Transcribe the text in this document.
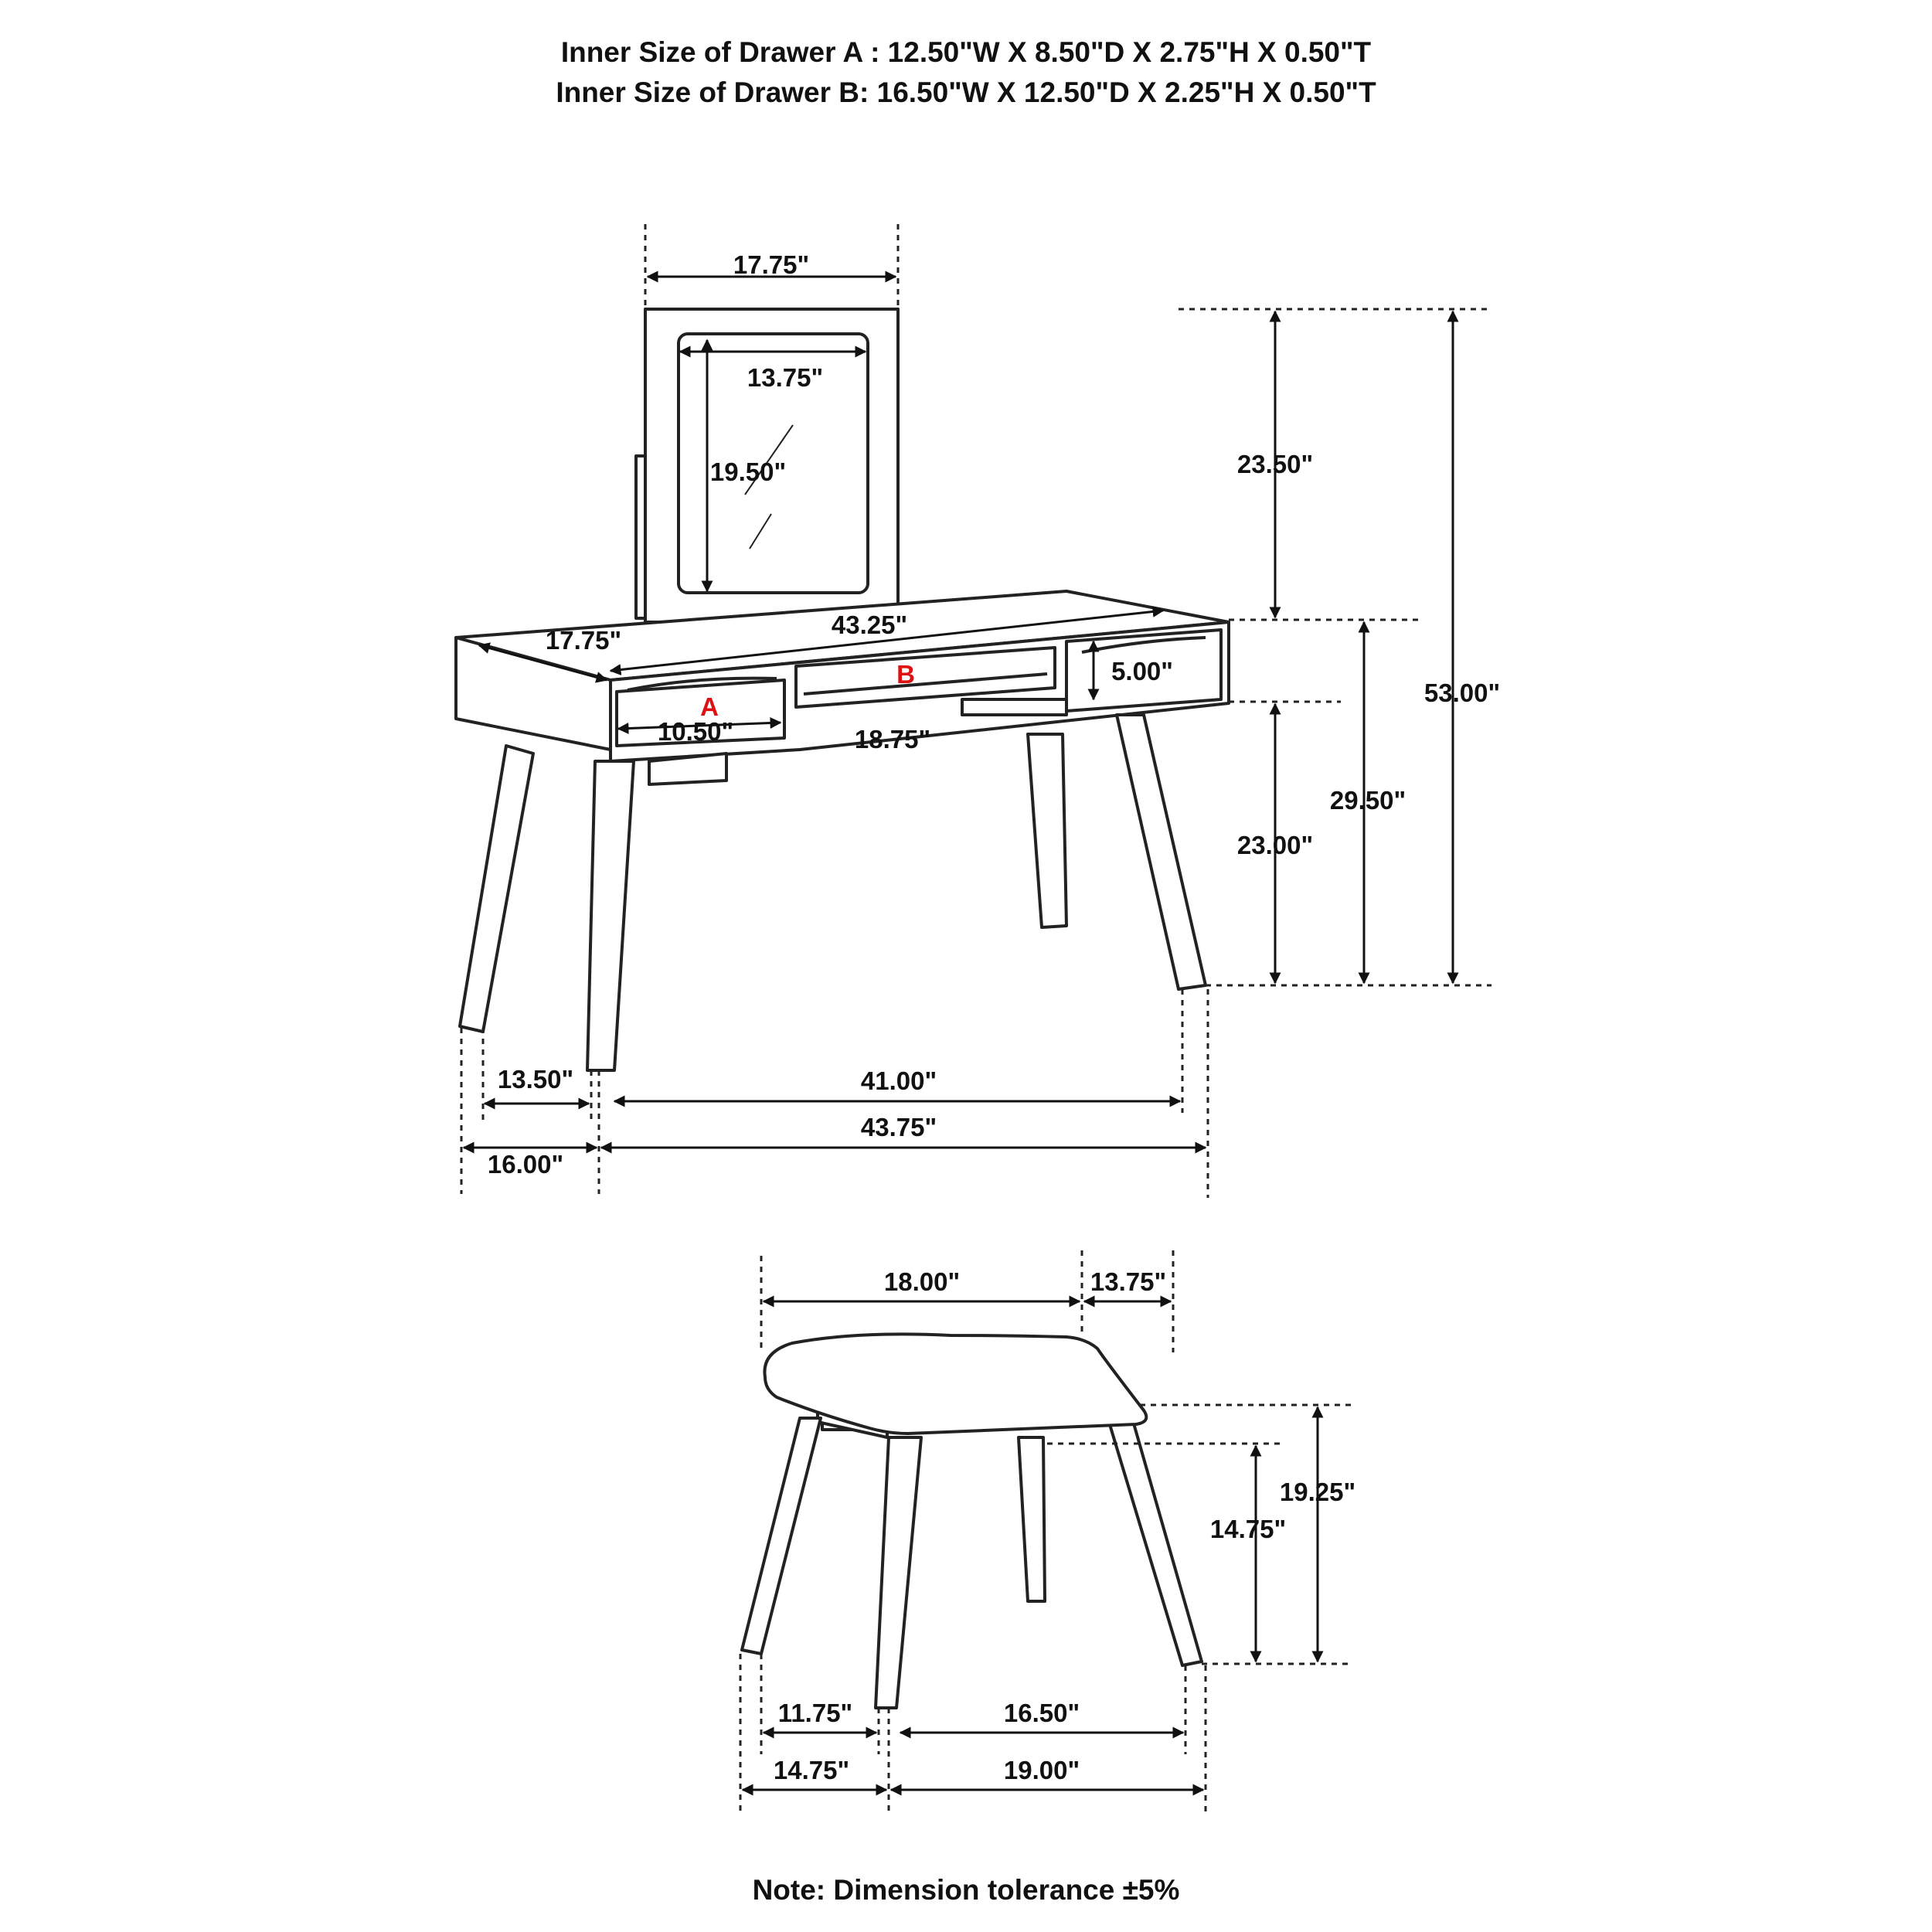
Inner Size of Drawer A : 12.50"W X 8.50"D X 2.75"H X 0.50"T
Inner Size of Drawer B: 16.50"W X 12.50"D X 2.25"H X 0.50"T
17.75"
13.75"
19.50"	23.50"
53.00"
29.50"
23.00"
5.00"
17.75"
43.25"
A
B
10.50"	18.75"
13.50"
16.00"
41.00"
43.75"
18.00"	13.75"
19.25"
14.75"
11.75"
14.75"
16.50"
19.00"
Note: Dimension tolerance ±5%
